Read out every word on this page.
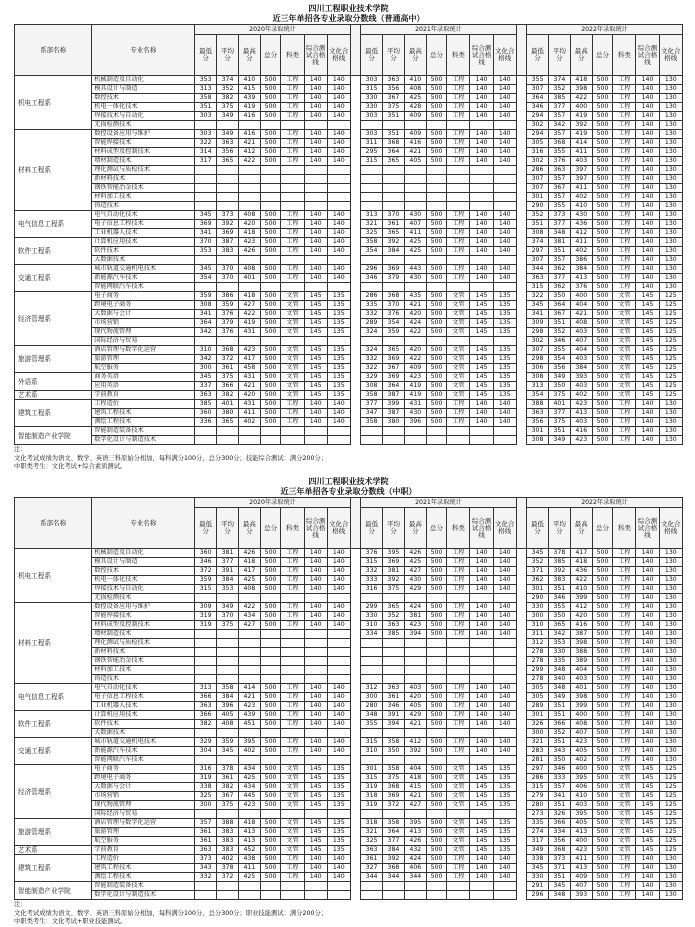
四川工程职业技术学院
近三年单招各专业录取分数线（普通高中）
系部名称	专业名称	2020年录取统计								2021年录取统计								2022年录取统计						
		最低分	平均分	最高分	总分	科类	综合测试合格线	文化合格线		最低分	平均分	最高分	总分	科类	综合测试合格线	文化合格线		最低分	平均分	最高分	总分	科类	综合测试合格线	文化合格线
机电工程系	机械制造及自动化	353	374	410	500	工程	140	140		303	363	410	500	工程	140	140		355	374	418	500	工程	140	130
	模具设计与制造	313	352	415	500	工程	140	140		315	356	408	500	工程	140	140		307	352	398	500	工程	140	130
	数控技术	358	382	439	500	工程	140	140		330	367	425	500	工程	140	140		364	385	422	500	工程	140	130
	机电一体化技术	351	375	419	500	工程	140	140		330	375	428	500	工程	140	140		346	377	400	500	工程	140	130
	焊接技术与自动化	303	349	416	500	工程	140	140		303	351	409	500	工程	140	140		294	357	419	500	工程	140	130
	无损检测技术																	302	342	392	500	工程	140	130
材料工程系	数控设备应用与维护	303	349	416	500	工程	140	140		303	351	409	500	工程	140	140		294	357	419	500	工程	140	130
	智能焊接技术	322	363	421	500	工程	140	140		311	368	416	500	工程	140	140		305	368	414	500	工程	140	130
	材料成型及控制技术	314	356	412	500	工程	140	140		295	364	421	500	工程	140	140		316	355	411	500	工程	140	130
	增材制造技术	317	365	422	500	工程	140	140		315	365	405	500	工程	140	140		302	376	403	500	工程	140	130
	理化测试与质检技术																	286	363	397	500	工程	140	130
	新材料技术																	307	357	397	500	工程	140	130
	钢铁智能冶金技术																	307	367	411	500	工程	140	130
	材料加工技术																	301	357	402	500	工程	140	130
	铸造技术																	290	355	410	500	工程	140	130
电气信息工程系	电气自动化技术	345	373	408	500	工程	140	140		313	370	430	500	工程	140	140		352	373	430	500	工程	140	130
	电子信息工程技术	369	392	420	500	工程	140	140		321	361	407	500	工程	140	140		351	377	436	500	工程	140	130
	工业机器人技术	341	369	418	500	工程	140	140		325	365	411	500	工程	140	140		308	348	412	500	工程	140	130
软件工程系	计算机应用技术	370	387	423	500	工程	140	140		358	392	425	500	工程	140	140		374	381	411	500	工程	140	130
	软件技术	353	383	426	500	工程	140	140		354	384	425	500	工程	140	140		297	351	402	500	工程	140	130
	大数据技术																	307	357	386	500	工程	140	130
交通工程系	城市轨道交通机电技术	345	370	408	500	工程	140	140		296	369	443	500	工程	140	140		344	362	384	500	工程	140	130
	新能源汽车技术	354	370	401	500	工程	140	140		346	379	430	500	工程	140	140		363	377	413	500	工程	140	130
	智能网联汽车技术																	315	362	376	500	工程	140	130
经济管理系	电子商务	359	386	418	500	文管	145	135		286	368	435	500	文管	145	135		322	350	400	500	文管	145	125
	跨境电子商务	308	359	427	500	文管	145	135		335	370	421	500	文管	145	135		345	364	404	500	文管	145	125
	大数据与会计	341	376	422	500	文管	145	135		332	376	420	500	文管	145	135		341	367	421	500	文管	145	125
	市场营销	364	379	419	500	文管	145	135		289	354	424	500	文管	145	135		309	351	408	500	文管	145	125
	现代物流管理	342	376	431	500	文管	145	135		324	359	422	500	文管	145	135		298	352	403	500	文管	145	125
	国际经济与贸易																	302	346	407	500	文管	145	125
旅游管理系	酒店管理与数字化运营	310	368	423	500	文管	145	135		324	365	420	500	文管	145	135		307	355	404	500	文管	145	125
	旅游管理	342	372	417	500	文管	145	135		332	369	422	500	文管	145	135		298	354	403	500	文管	145	125
	航空服务	300	361	458	500	文管	145	135		322	367	409	500	文管	145	135		306	356	384	500	文管	145	125
外语系	商务英语	345	375	431	500	文管	145	135		329	369	423	500	文管	145	135		308	349	393	500	文管	145	125
	应用英语	337	366	421	500	文管	145	135		308	364	419	500	文管	145	135		313	350	403	500	文管	145	125
艺术系	学前教育	363	382	420	500	文管	145	135		358	387	419	500	文管	145	135		354	375	402	500	文管	145	125
建筑工程系	工程造价	385	401	431	500	工程	140	140		377	399	431	500	工程	140	140		388	401	423	500	工程	140	130
	建筑工程技术	360	380	411	500	工程	140	140		347	387	430	500	工程	140	140		363	377	413	500	工程	140	130
	测绘工程技术	336	365	402	500	工程	140	140		358	380	396	500	工程	140	140		356	375	403	500	工程	140	130
智能制造产业学院	智能制造装备技术																	301	351	416	500	工程	140	130
	数字化设计与制造技术																	308	349	423	500	工程	140	130
注：
文化考试成绩为语文、数学、英语三科原始分相加，每科满分100分，总分300分；技能综合测试：满分200分；
中职类考生：文化考试+综合素质测试。
四川工程职业技术学院
近三年单招各专业录取分数线（中职）
系部名称	专业名称	2020年录取统计								2021年录取统计								2022年录取统计						
		最低分	平均分	最高分	总分	科类	综合测试合格线	文化合格线		最低分	平均分	最高分	总分	科类	综合测试合格线	文化合格线		最低分	平均分	最高分	总分	科类	综合测试合格线	文化合格线
机电工程系	机械制造及自动化	360	381	426	500	工程	140	140		376	395	426	500	工程	140	140		345	378	417	500	工程	140	130
	模具设计与制造	346	377	418	500	工程	140	140		315	369	425	500	工程	140	140		352	385	418	500	工程	140	130
	数控技术	372	391	417	500	工程	140	140		332	381	427	500	工程	140	140		371	392	436	500	工程	140	130
	机电一体化技术	359	384	425	500	工程	140	140		333	392	430	500	工程	140	140		362	383	422	500	工程	140	130
	焊接技术与自动化	315	353	408	500	工程	140	140		316	375	429	500	工程	140	140		301	351	410	500	工程	140	130
	无损检测技术																	290	346	399	500	工程	140	130
材料工程系	数控设备应用与维护	309	349	422	500	工程	140	140		299	365	424	500	工程	140	140		330	355	412	500	工程	140	130
	智能焊接技术	319	370	434	500	工程	140	140		330	352	381	500	工程	140	140		300	350	420	500	工程	140	130
	材料成型及控制技术	319	375	427	500	工程	140	140		310	363	423	500	工程	140	140		310	365	416	500	工程	140	130
	增材制造技术									334	385	394	500	工程	140	140		311	342	387	500	工程	140	130
	理化测试与质检技术																	312	353	398	500	工程	140	130
	新材料技术																	278	330	388	500	工程	140	130
	钢铁智能冶金技术																	278	335	389	500	工程	140	130
	材料加工技术																	299	348	404	500	工程	140	130
	铸造技术																	278	340	403	500	工程	140	130
电气信息工程系	电气自动化技术	313	358	414	500	工程	140	140		312	363	403	500	工程	140	140		305	348	401	500	工程	140	130
	电子信息工程技术	366	384	421	500	工程	140	140		300	361	420	500	工程	140	140		305	349	398	500	工程	140	130
	工业机器人技术	363	396	423	500	工程	140	140		280	346	405	500	工程	140	140		289	351	399	500	工程	140	130
软件工程系	计算机应用技术	366	405	439	500	工程	140	140		348	391	429	500	工程	140	140		301	351	400	500	工程	140	130
	软件技术	382	408	451	500	工程	140	140		355	394	421	500	工程	140	140		326	366	408	500	工程	140	130
	大数据技术																	300	352	407	500	工程	140	130
交通工程系	城市轨道交通机电技术	329	359	395	500	工程	140	140		315	358	412	500	工程	140	140		321	351	423	500	工程	140	130
	新能源汽车技术	304	345	402	500	工程	140	140		310	350	392	500	工程	140	140		283	343	405	500	工程	140	130
	智能网联汽车技术																	281	350	402	500	工程	140	130
经济管理系	电子商务	316	378	434	500	文管	145	135		301	358	404	500	文管	145	135		297	346	400	500	文管	145	125
	跨境电子商务	319	361	425	500	文管	145	135		315	375	418	500	文管	145	135		286	333	395	500	文管	145	125
	大数据与会计	338	382	434	500	文管	145	135		319	368	415	500	文管	145	135		315	357	406	500	文管	145	125
	市场营销	325	367	445	500	文管	145	135		318	369	421	500	文管	145	135		279	341	410	500	文管	145	125
	现代物流管理	300	375	423	500	文管	145	135		319	372	427	500	文管	145	135		280	351	403	500	文管	145	125
	国际经济与贸易																	273	326	395	500	文管	145	125
旅游管理系	酒店管理与数字化运营	357	388	418	500	文管	145	135		318	358	395	500	文管	145	135		335	366	405	500	文管	145	125
	旅游管理	361	383	413	500	文管	145	135		321	364	413	500	文管	145	135		274	334	413	500	文管	145	125
	航空服务	361	383	413	500	文管	145	135		325	377	426	500	文管	145	135		317	356	400	500	文管	145	125
艺术系	学前教育	363	383	452	500	文管	145	135		363	384	432	500	文管	145	135		349	368	423	500	文管	145	125
建筑工程系	工程造价	373	402	438	500	工程	140	140		361	392	424	500	工程	140	140		338	373	411	500	工程	140	130
	建筑工程技术	343	378	411	500	工程	140	140		327	368	406	500	工程	140	140		345	371	413	500	工程	140	130
	测绘工程技术	332	372	425	500	工程	140	140		344	344	344	500	工程	140	140		330	351	409	500	工程	140	130
智能制造产业学院	智能制造装备技术																	291	345	407	500	工程	140	130
	数字化设计与制造技术																	296	348	393	500	工程	140	130
注：
文化考试成绩为语文、数学、英语三科原始分相加，每科满分100分，总分300分；职业技能测试：满分200分；
中职类考生：文化考试+职业技能测试。
